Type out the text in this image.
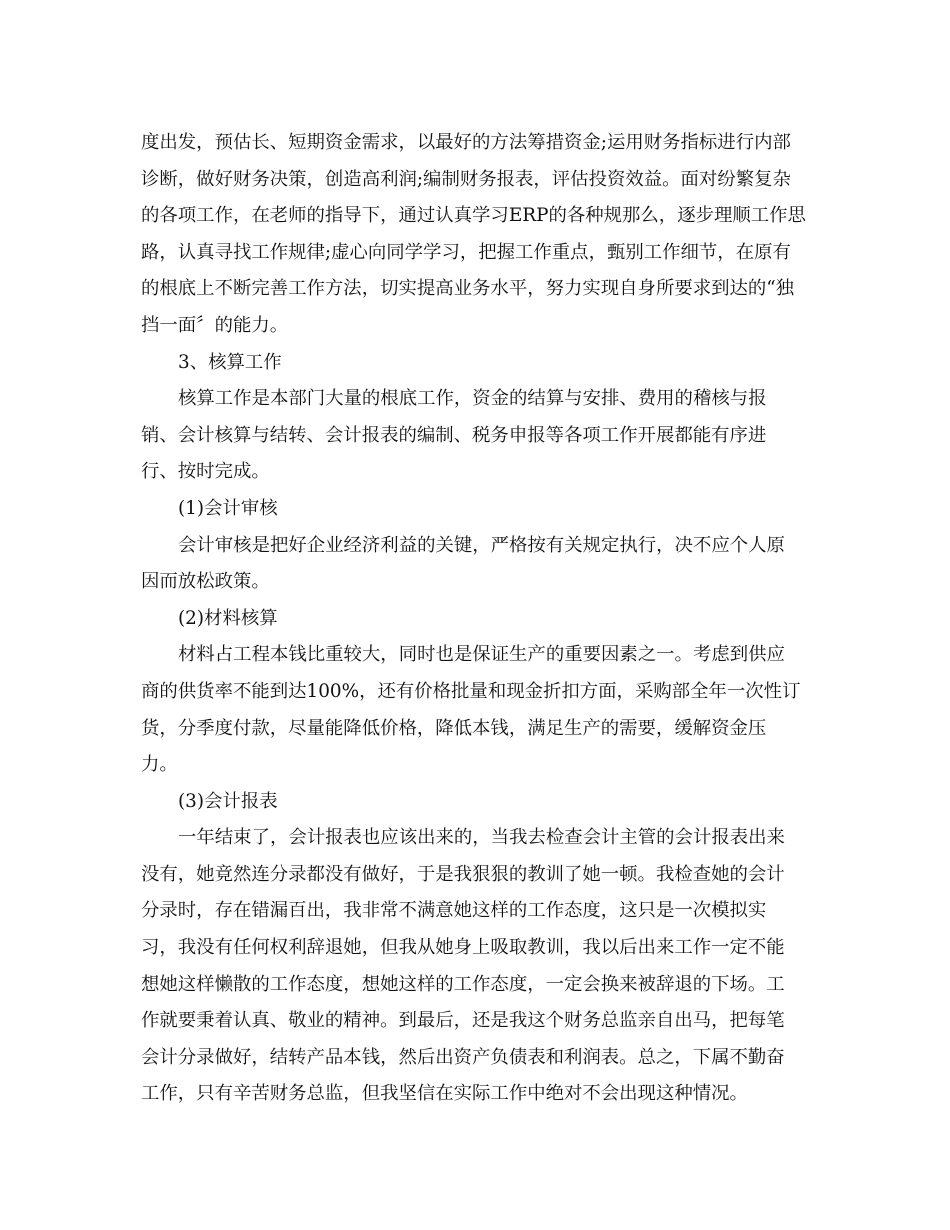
度出发，预估长、短期资金需求，以最好的方法筹措资金;运用财务指标进行内部
诊断，做好财务决策，创造高利润;编制财务报表，评估投资效益。面对纷繁复杂
的各项工作，在老师的指导下，通过认真学习ERP的各种规那么，逐步理顺工作思
路，认真寻找工作规律;虚心向同学学习，把握工作重点，甄别工作细节，在原有
的根底上不断完善工作方法，切实提高业务水平，努力实现自身所要求到达的“独
挡一面〞的能力。
3、核算工作
核算工作是本部门大量的根底工作，资金的结算与安排、费用的稽核与报
销、会计核算与结转、会计报表的编制、税务申报等各项工作开展都能有序进
行、按时完成。
(1)会计审核
会计审核是把好企业经济利益的关键，严格按有关规定执行，决不应个人原
因而放松政策。
(2)材料核算
材料占工程本钱比重较大，同时也是保证生产的重要因素之一。考虑到供应
商的供货率不能到达100%，还有价格批量和现金折扣方面，采购部全年一次性订
货，分季度付款，尽量能降低价格，降低本钱，满足生产的需要，缓解资金压
力。
(3)会计报表
一年结束了，会计报表也应该出来的，当我去检查会计主管的会计报表出来
没有，她竟然连分录都没有做好，于是我狠狠的教训了她一顿。我检查她的会计
分录时，存在错漏百出，我非常不满意她这样的工作态度，这只是一次模拟实
习，我没有任何权利辞退她，但我从她身上吸取教训，我以后出来工作一定不能
想她这样懒散的工作态度，想她这样的工作态度，一定会换来被辞退的下场。工
作就要秉着认真、敬业的精神。到最后，还是我这个财务总监亲自出马，把每笔
会计分录做好，结转产品本钱，然后出资产负债表和利润表。总之，下属不勤奋
工作，只有辛苦财务总监，但我坚信在实际工作中绝对不会出现这种情况。
